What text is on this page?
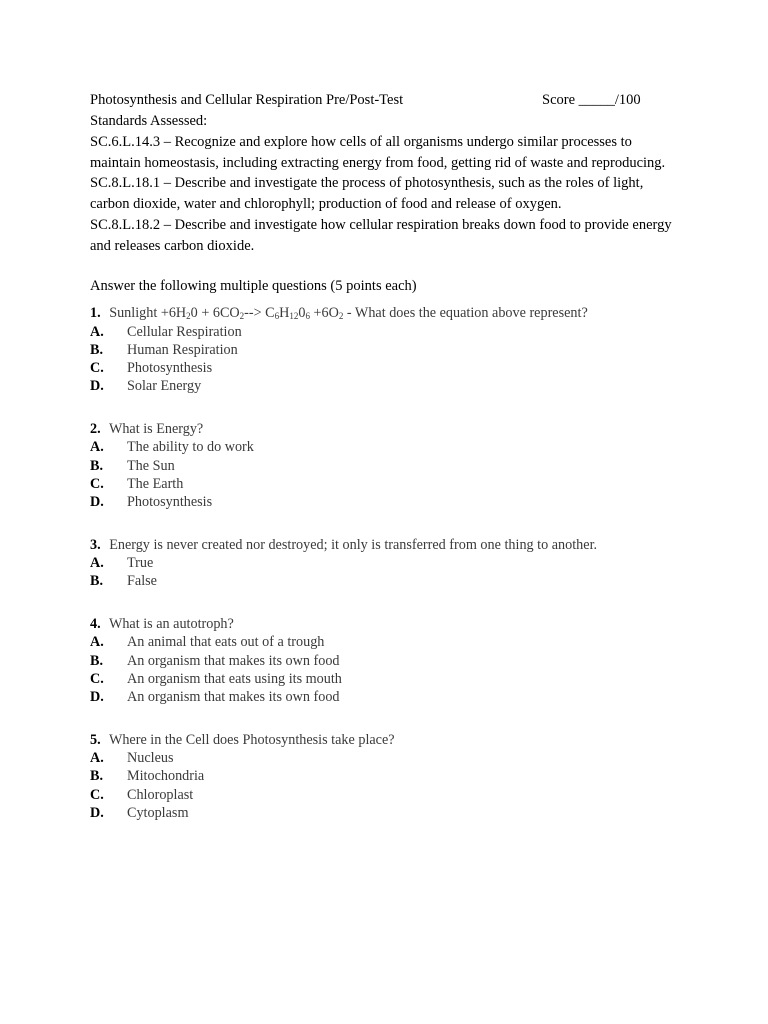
Photosynthesis and Cellular Respiration Pre/Post-Test	Score _____/100
Standards Assessed:
SC.6.L.14.3 – Recognize and explore how cells of all organisms undergo similar processes to maintain homeostasis, including extracting energy from food, getting rid of waste and reproducing.
SC.8.L.18.1 – Describe and investigate the process of photosynthesis, such as the roles of light, carbon dioxide, water and chlorophyll; production of food and release of oxygen.
SC.8.L.18.2 – Describe and investigate how cellular respiration breaks down food to provide energy and releases carbon dioxide.
Answer the following multiple questions (5 points each)
1. Sunlight $+6H_20 + 6CO_2--> C_6H_{12}0_6 +6O_2$ - What does the equation above represent?
A. Cellular Respiration
B. Human Respiration
C. Photosynthesis
D. Solar Energy
2. What is Energy?
A. The ability to do work
B. The Sun
C. The Earth
D. Photosynthesis
3. Energy is never created nor destroyed; it only is transferred from one thing to another.
A. True
B. False
4. What is an autotroph?
A. An animal that eats out of a trough
B. An organism that makes its own food
C. An organism that eats using its mouth
D. An organism that makes its own food
5. Where in the Cell does Photosynthesis take place?
A. Nucleus
B. Mitochondria
C. Chloroplast
D. Cytoplasm
